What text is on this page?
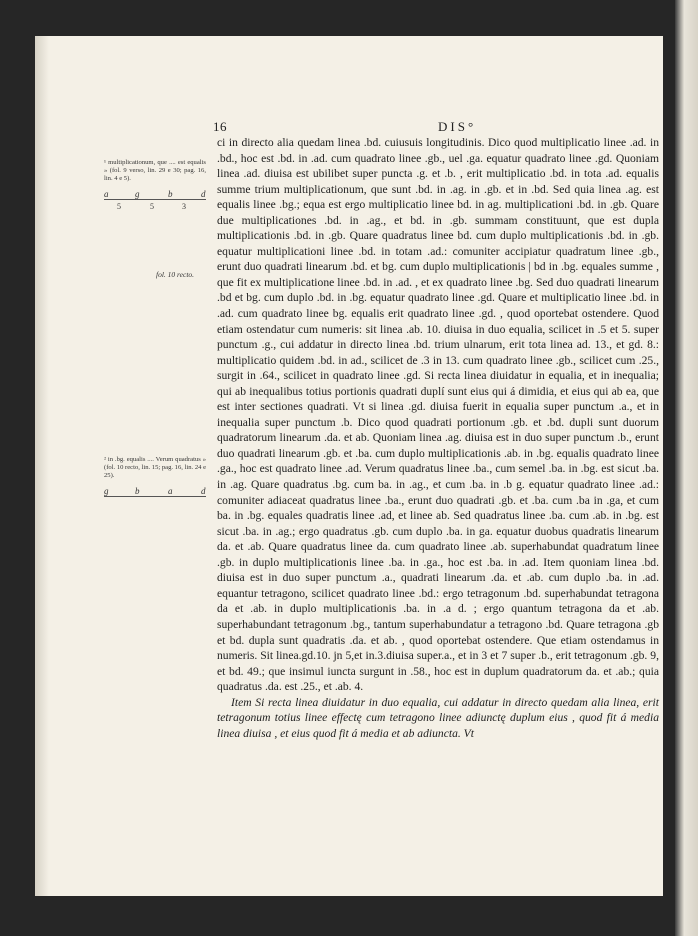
16	DIS°
¹ multiplicationum, que .... est equalis » (fol. 9 verso, lin. 29 e 30; pag. 16, lin. 4 e 5).
a	g	b	d
5	5	3
fol. 10 recto.
² in .bg. equalis .... Verum quadratus » (fol. 10 recto, lin. 15; pag. 16, lin. 24 e 25).
g	b	a	d

ci in directo alia quedam linea .bd. cuiusuis longitudinis. Dico quod multiplicatio linee .ad. in .bd., hoc est .bd. in .ad. cum quadrato linee .gb., uel .ga. equatur quadrato linee .gd. Quoniam linea .ad. diuisa est ubilibet super puncta .g. et .b. , erit multiplicatio .bd. in tota .ad. equalis summe trium multiplicationum, que sunt .bd. in .ag. in .gb. et in .bd. Sed quia linea .ag. est equalis linee .bg.; equa est ergo multiplicatio linee bd. in ag. multiplicationi .bd. in .gb. Quare due multiplicationes .bd. in .ag., et bd. in .gb. summam constituunt, que est dupla multiplicationis .bd. in .gb. Quare quadratus linee bd. cum duplo multiplicationis .bd. in .gb. equatur multiplicationi linee .bd. in totam .ad.: comuniter accipiatur quadratum linee .gb., erunt duo quadrati linearum .bd. et bg. cum duplo multiplicationis | bd in .bg. equales summe , que fit ex multiplicatione linee .bd. in .ad. , et ex quadrato linee .bg. Sed duo quadrati linearum .bd et bg. cum duplo .bd. in .bg. equatur quadrato linee .gd. Quare et multiplicatio linee .bd. in .ad. cum quadrato linee bg. equalis erit quadrato linee .gd. , quod oportebat ostendere. Quod etiam ostendatur cum numeris: sit linea .ab. 10. diuisa in duo equalia, scilicet in .5 et 5. super punctum .g., cui addatur in directo linea .bd. trium ulnarum, erit tota linea ad. 13., et gd. 8.: multiplicatio quidem .bd. in ad., scilicet de .3 in 13. cum quadrato linee .gb., scilicet cum .25., surgit in .64., scilicet in quadrato linee .gd. Si recta linea diuidatur in equalia, et in inequalia; qui ab inequalibus totius portionis quadrati duplí sunt eius qui á dimidia, et eius qui ab ea, que est inter sectiones quadrati. Vt si linea .gd. diuisa fuerit in equalia super punctum .a., et in inequalia super punctum .b. Dico quod quadrati portionum .gb. et .bd. dupli sunt duorum quadratorum linearum .da. et ab. Quoniam linea .ag. diuisa est in duo super punctum .b., erunt duo quadrati linearum .gb. et .ba. cum duplo multiplicationis .ab. in .bg. equalis quadrato linee .ga., hoc est quadrato linee .ad. Verum quadratus linee .ba., cum semel .ba. in .bg. est sicut .ba. in .ag. Quare quadratus .bg. cum ba. in .ag., et cum .ba. in .b g. equatur quadrato linee .ad.: comuniter adiaceat quadratus linee .ba., erunt duo quadrati .gb. et .ba. cum .ba in .ga, et cum ba. in .bg. equales quadratis linee .ad, et linee ab. Sed quadratus linee .ba. cum .ab. in .bg. est sicut .ba. in .ag.; ergo quadratus .gb. cum duplo .ba. in ga. equatur duobus quadratis linearum da. et .ab. Quare quadratus linee da. cum quadrato linee .ab. superhabundat quadratum linee .gb. in duplo multiplicationis linee .ba. in .ga., hoc est .ba. in .ad. Item quoniam linea .bd. diuisa est in duo super punctum .a., quadrati linearum .da. et .ab. cum duplo .ba. in .ad. equantur tetragono, scilicet quadrato linee .bd.: ergo tetragonum .bd. superhabundat tetragona da et .ab. in duplo multiplicationis .ba. in .a d. ; ergo quantum tetragona da et .ab. superhabundant tetragonum .bg., tantum superhabundatur a tetragono .bd. Quare tetragona .gb et bd. dupla sunt quadratis .da. et ab. , quod oportebat ostendere. Que etiam ostendamus in numeris. Sit linea.gd.10. jn 5,et in.3.diuisa super.a., et in 3 et 7 super .b., erit tetragonum .gb. 9, et bd. 49.; que insimul iuncta surgunt in .58., hoc est in duplum quadratorum da. et .ab.; quia quadratus .da. est .25., et .ab. 4.

Item Si recta linea diuidatur in duo equalia, cui addatur in directo quedam alia linea, erit tetragonum totius linee effectę cum tetragono linee adiunctę duplum eius , quod fit á media linea diuisa , et eius quod fit á media et ab adiuncta. Vt
